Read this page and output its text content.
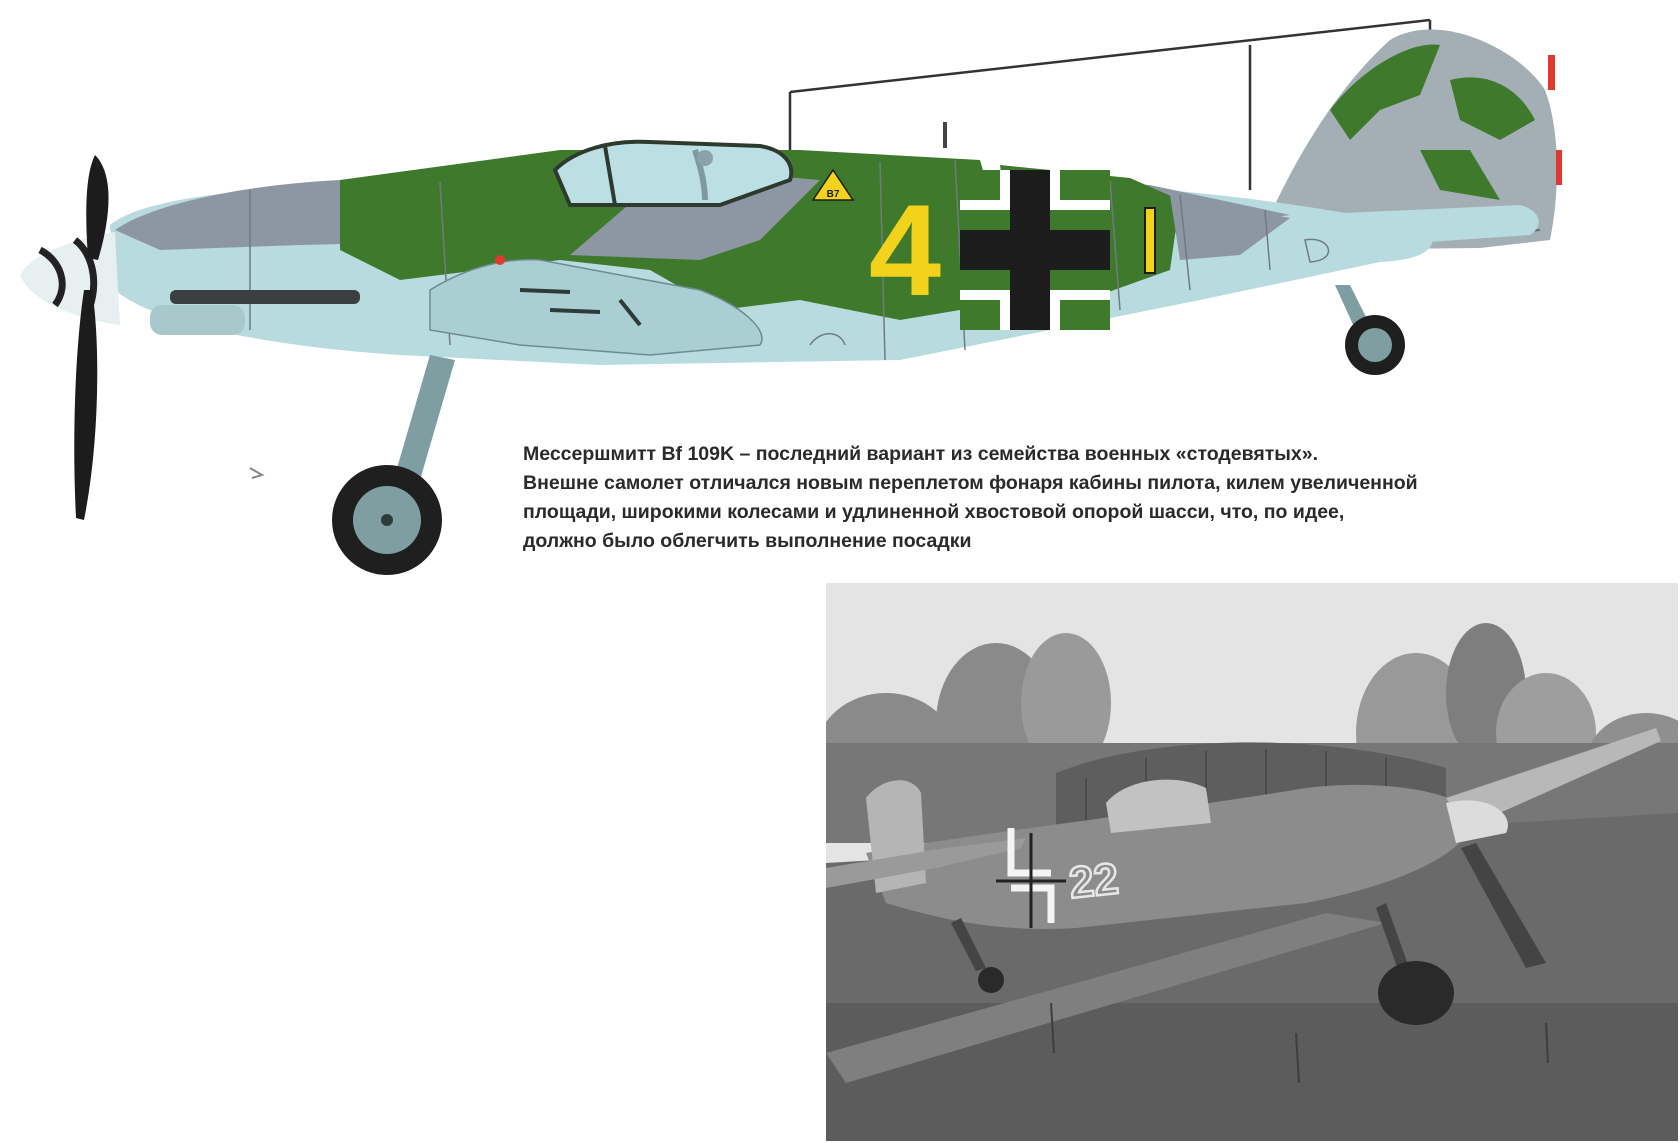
B7 4

Мессершмитт Bf 109K – последний вариант из семейства военных «стодевятых».
Внешне самолет отличался новым переплетом фонаря кабины пилота, килем увеличенной
площади, широкими колесами и удлиненной хвостовой опорой шасси, что, по идее,
должно было облегчить выполнение посадки

22
